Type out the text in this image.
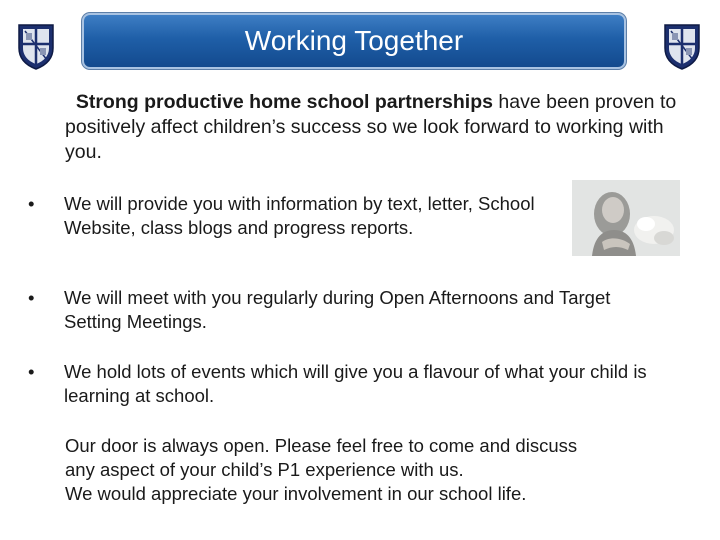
Working Together

Strong productive home school partnerships have been proven to positively affect children’s success so we look forward to working with you.

•	We will provide you with information by text, letter, School Website, class blogs and progress reports.
•	We will meet with you regularly during Open Afternoons and Target Setting Meetings.
•	We hold lots of events which will give you a flavour of what your child is learning at school.
Our door is always open. Please feel free to come and discuss
any aspect of your child’s P1 experience with us.
We would appreciate your involvement in our school life.
